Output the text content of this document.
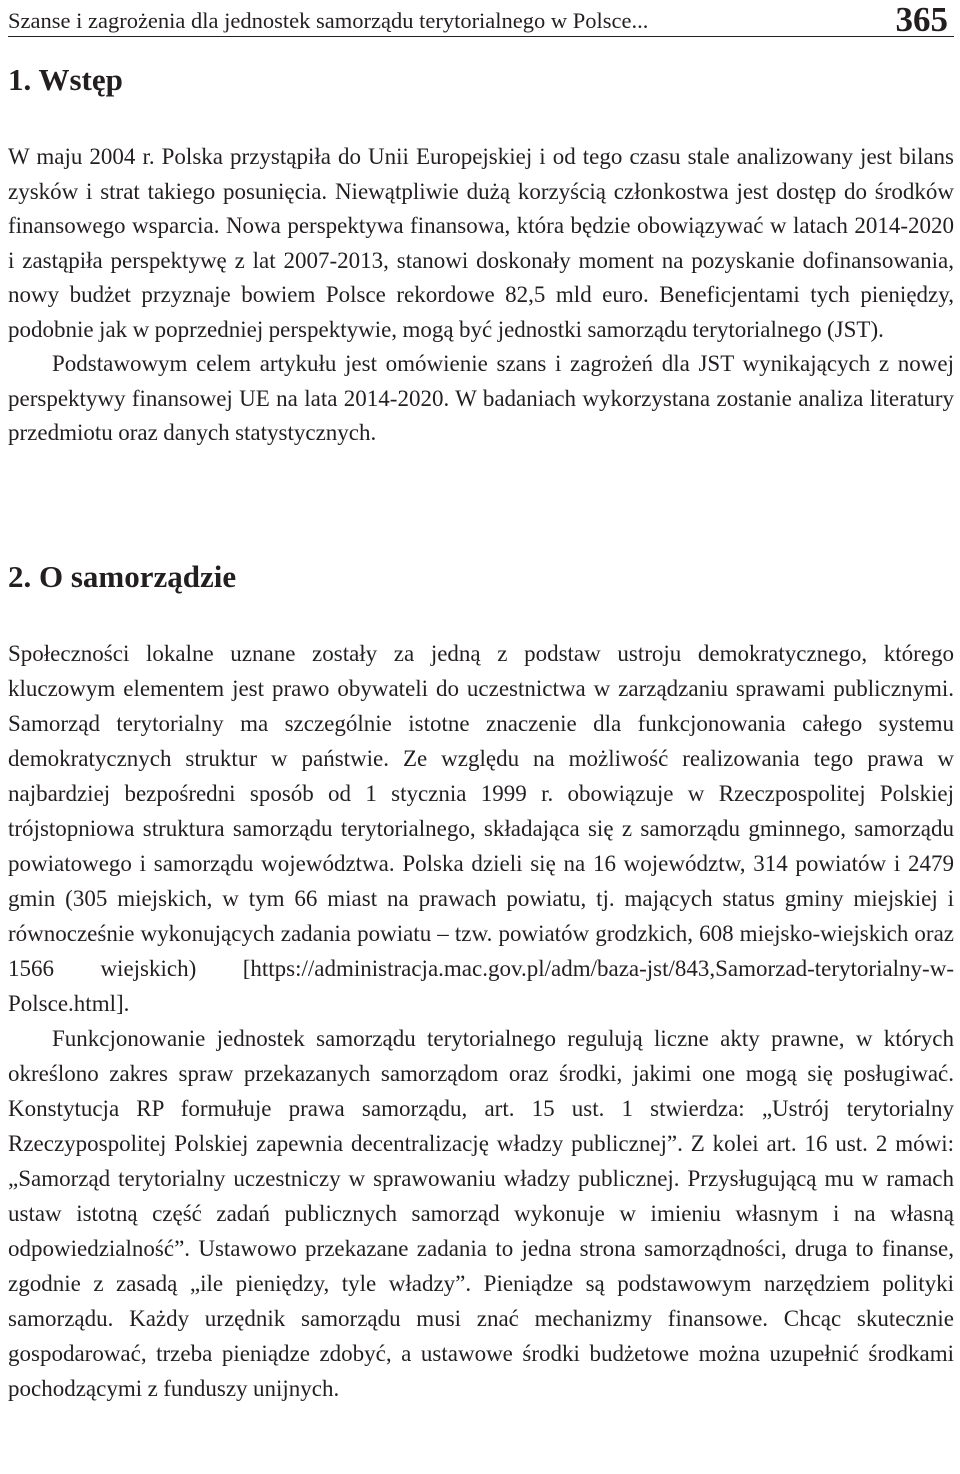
Szanse i zagrożenia dla jednostek samorządu terytorialnego w Polsce...	365
1. Wstęp

W maju 2004 r. Polska przystąpiła do Unii Europejskiej i od tego czasu stale analizowany jest bilans zysków i strat takiego posunięcia. Niewątpliwie dużą korzyścią członkostwa jest dostęp do środków finansowego wsparcia. Nowa perspektywa finansowa, która będzie obowiązywać w latach 2014-2020 i zastąpiła perspektywę z lat 2007-2013, stanowi doskonały moment na pozyskanie dofinansowania, nowy budżet przyznaje bowiem Polsce rekordowe 82,5 mld euro. Beneficjentami tych pieniędzy, podobnie jak w poprzedniej perspektywie, mogą być jednostki samorządu terytorialnego (JST).

Podstawowym celem artykułu jest omówienie szans i zagrożeń dla JST wynikających z nowej perspektywy finansowej UE na lata 2014-2020. W badaniach wykorzystana zostanie analiza literatury przedmiotu oraz danych statystycznych.

2. O samorządzie

Społeczności lokalne uznane zostały za jedną z podstaw ustroju demokratycznego, którego kluczowym elementem jest prawo obywateli do uczestnictwa w zarządzaniu sprawami publicznymi. Samorząd terytorialny ma szczególnie istotne znaczenie dla funkcjonowania całego systemu demokratycznych struktur w państwie. Ze względu na możliwość realizowania tego prawa w najbardziej bezpośredni sposób od 1 stycznia 1999 r. obowiązuje w Rzeczpospolitej Polskiej trójstopniowa struktura samorządu terytorialnego, składająca się z samorządu gminnego, samorządu powiatowego i samorządu województwa. Polska dzieli się na 16 województw, 314 powiatów i 2479 gmin (305 miejskich, w tym 66 miast na prawach powiatu, tj. mających status gminy miejskiej i równocześnie wykonujących zadania powiatu – tzw. powiatów grodzkich, 608 miejsko-wiejskich oraz 1566 wiejskich) [https://administracja.mac.gov.pl/adm/baza-jst/843,Samorzad-terytorialny-w-Polsce.html].

Funkcjonowanie jednostek samorządu terytorialnego regulują liczne akty prawne, w których określono zakres spraw przekazanych samorządom oraz środki, jakimi one mogą się posługiwać. Konstytucja RP formułuje prawa samorządu, art. 15 ust. 1 stwierdza: „Ustrój terytorialny Rzeczypospolitej Polskiej zapewnia decentralizację władzy publicznej”. Z kolei art. 16 ust. 2 mówi: „Samorząd terytorialny uczestniczy w sprawowaniu władzy publicznej. Przysługującą mu w ramach ustaw istotną część zadań publicznych samorząd wykonuje w imieniu własnym i na własną odpowiedzialność”. Ustawowo przekazane zadania to jedna strona samorządności, druga to finanse, zgodnie z zasadą „ile pieniędzy, tyle władzy”. Pieniądze są podstawowym narzędziem polityki samorządu. Każdy urzędnik samorządu musi znać mechanizmy finansowe. Chcąc skutecznie gospodarować, trzeba pieniądze zdobyć, a ustawowe środki budżetowe można uzupełnić środkami pochodzącymi z funduszy unijnych.
